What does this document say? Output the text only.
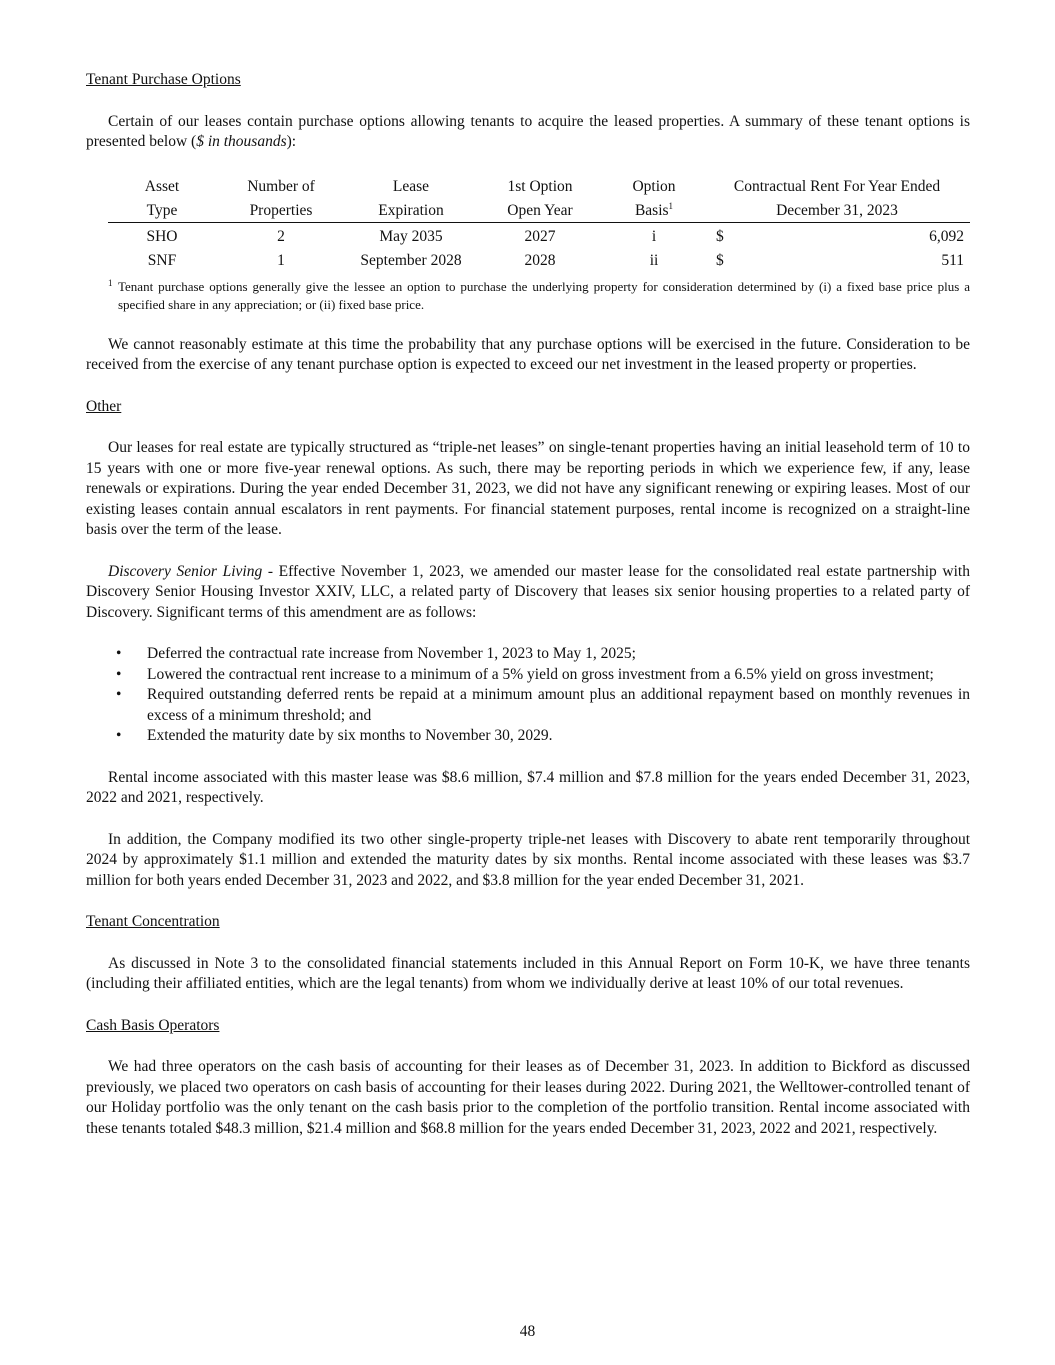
Tenant Purchase Options

Certain of our leases contain purchase options allowing tenants to acquire the leased properties. A summary of these tenant options is presented below ($ in thousands):

Asset	Number of	Lease	1st Option	Option	Contractual Rent For Year Ended	
Type	Properties	Expiration	Open Year	Basis$^1$	December 31, 2023	
SHO	2	May 2035	2027	i	$	6,092
SNF	1	September 2028	2028	ii	$	511
1 Tenant purchase options generally give the lessee an option to purchase the underlying property for consideration determined by (i) a fixed base price plus a specified share in any appreciation; or (ii) fixed base price.

We cannot reasonably estimate at this time the probability that any purchase options will be exercised in the future. Consideration to be received from the exercise of any tenant purchase option is expected to exceed our net investment in the leased property or properties.

Other

Our leases for real estate are typically structured as “triple-net leases” on single-tenant properties having an initial leasehold term of 10 to 15 years with one or more five-year renewal options. As such, there may be reporting periods in which we experience few, if any, lease renewals or expirations. During the year ended December 31, 2023, we did not have any significant renewing or expiring leases. Most of our existing leases contain annual escalators in rent payments. For financial statement purposes, rental income is recognized on a straight-line basis over the term of the lease.

Discovery Senior Living - Effective November 1, 2023, we amended our master lease for the consolidated real estate partnership with Discovery Senior Housing Investor XXIV, LLC, a related party of Discovery that leases six senior housing properties to a related party of Discovery. Significant terms of this amendment are as follows:

• Deferred the contractual rate increase from November 1, 2023 to May 1, 2025;
• Lowered the contractual rent increase to a minimum of a 5% yield on gross investment from a 6.5% yield on gross investment;
• Required outstanding deferred rents be repaid at a minimum amount plus an additional repayment based on monthly revenues in excess of a minimum threshold; and
• Extended the maturity date by six months to November 30, 2029.

Rental income associated with this master lease was $8.6 million, $7.4 million and $7.8 million for the years ended December 31, 2023, 2022 and 2021, respectively.

In addition, the Company modified its two other single-property triple-net leases with Discovery to abate rent temporarily throughout 2024 by approximately $1.1 million and extended the maturity dates by six months. Rental income associated with these leases was $3.7 million for both years ended December 31, 2023 and 2022, and $3.8 million for the year ended December 31, 2021.

Tenant Concentration

As discussed in Note 3 to the consolidated financial statements included in this Annual Report on Form 10-K, we have three tenants (including their affiliated entities, which are the legal tenants) from whom we individually derive at least 10% of our total revenues.

Cash Basis Operators

We had three operators on the cash basis of accounting for their leases as of December 31, 2023. In addition to Bickford as discussed previously, we placed two operators on cash basis of accounting for their leases during 2022. During 2021, the Welltower-controlled tenant of our Holiday portfolio was the only tenant on the cash basis prior to the completion of the portfolio transition. Rental income associated with these tenants totaled $48.3 million, $21.4 million and $68.8 million for the years ended December 31, 2023, 2022 and 2021, respectively.

48
